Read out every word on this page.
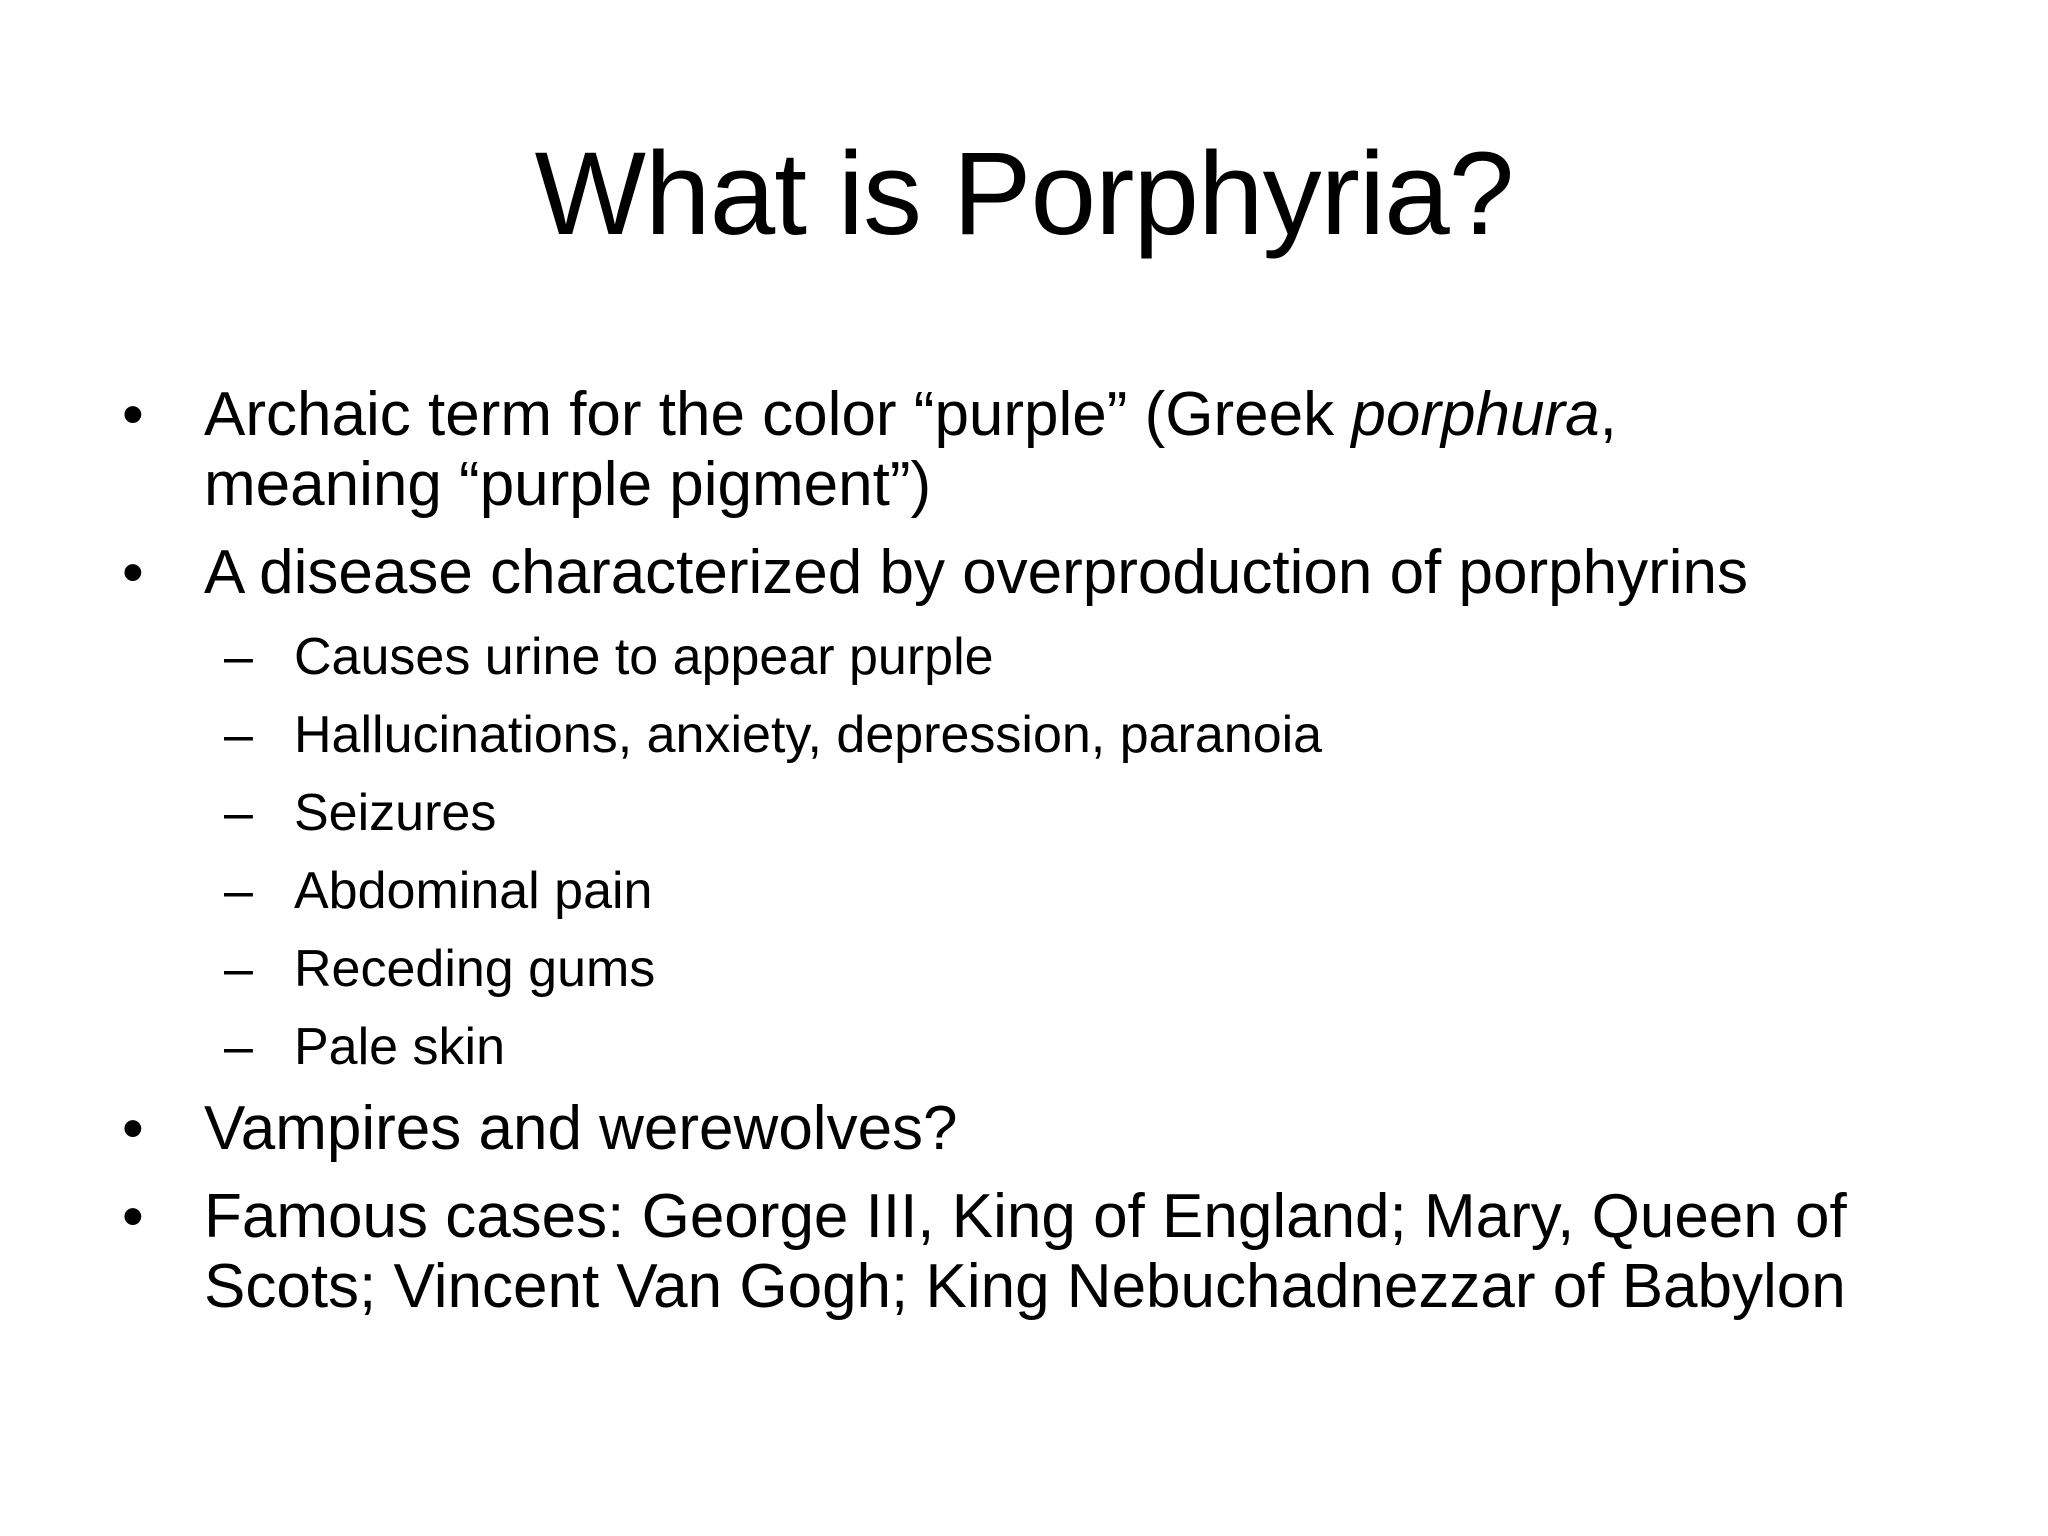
What is Porphyria?
• Archaic term for the color “purple” (Greek porphura,
meaning “purple pigment”)
• A disease characterized by overproduction of porphyrins
– Causes urine to appear purple
– Hallucinations, anxiety, depression, paranoia
– Seizures
– Abdominal pain
– Receding gums
– Pale skin
• Vampires and werewolves?
• Famous cases: George III, King of England; Mary, Queen of
Scots; Vincent Van Gogh; King Nebuchadnezzar of Babylon
